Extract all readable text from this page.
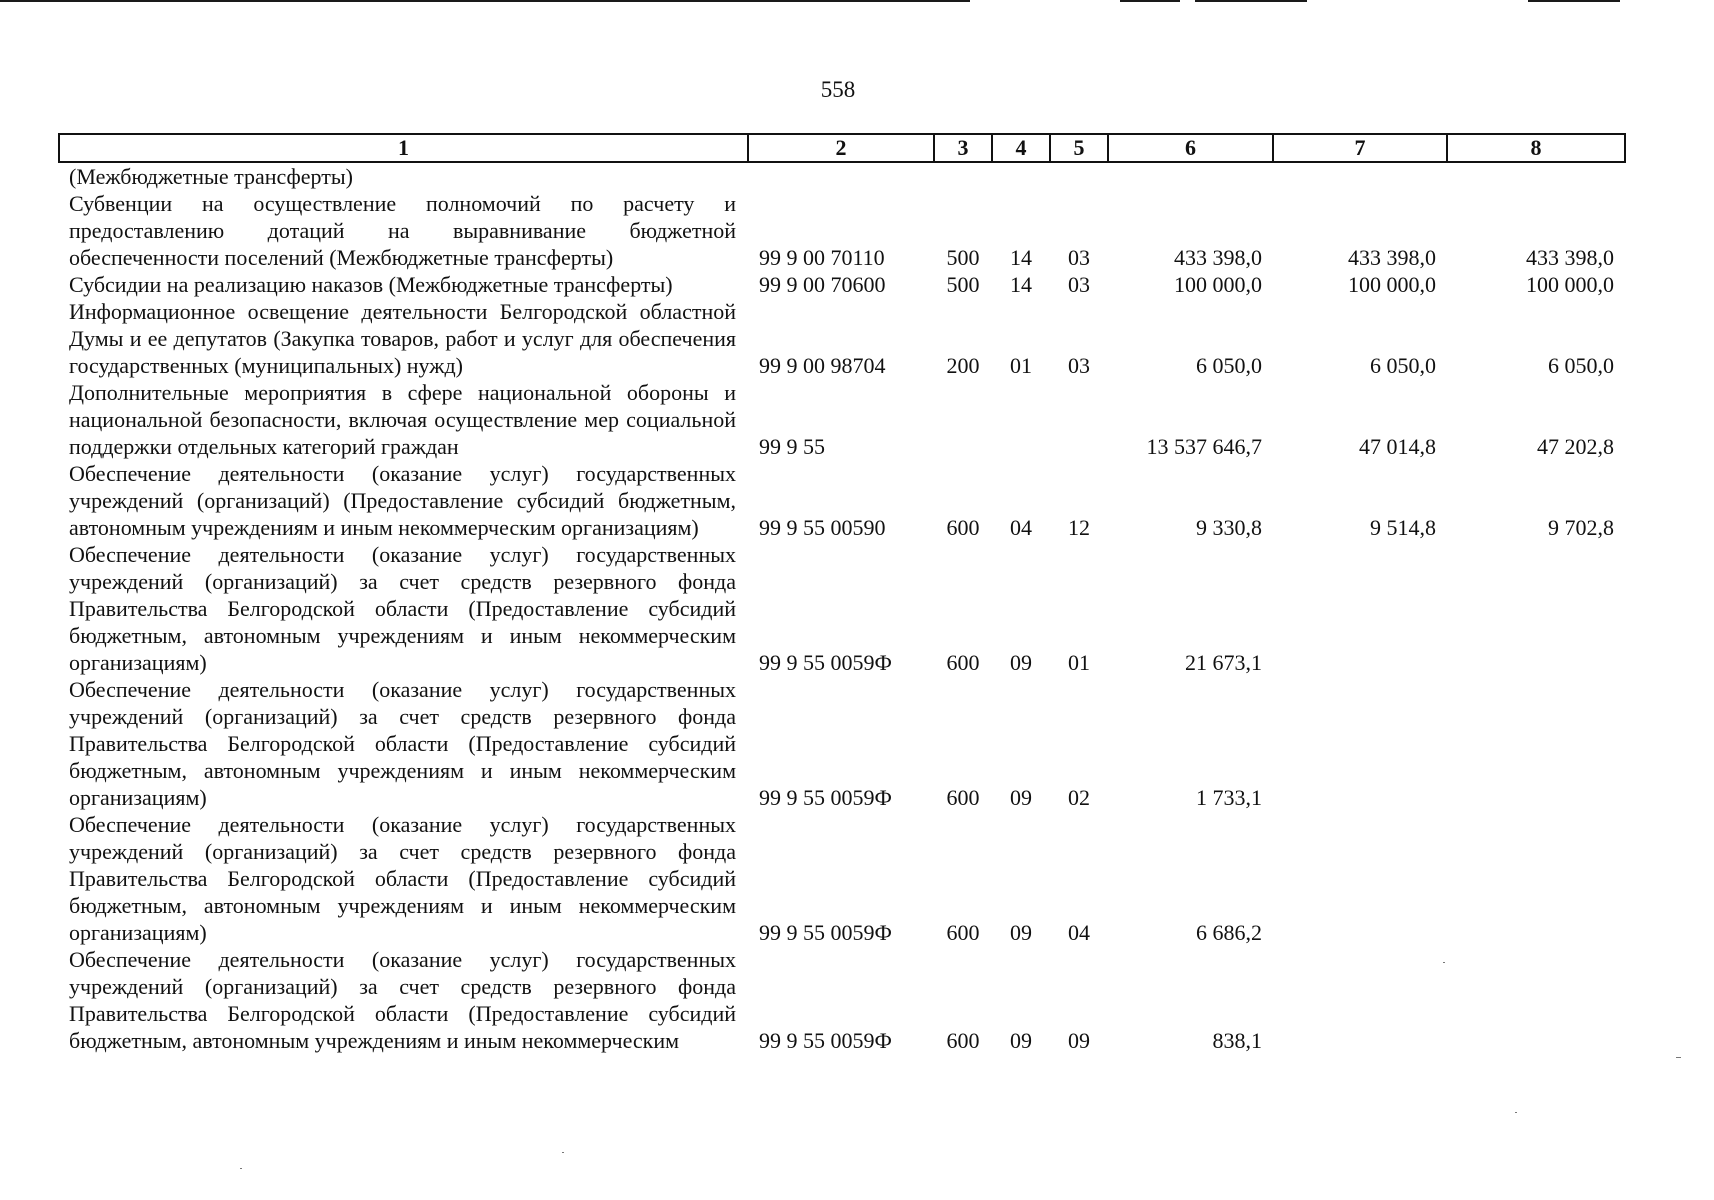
558
1	2	3	4	5	6	7	8
(Межбюджетные трансферты)							
Субвенции на осуществление полномочий по расчету и предоставлению дотаций на выравнивание бюджетной обеспеченности поселений (Межбюджетные трансферты)	99 9 00 70110	500	14	03	433 398,0	433 398,0	433 398,0
Субсидии на реализацию наказов (Межбюджетные трансферты)	99 9 00 70600	500	14	03	100 000,0	100 000,0	100 000,0
Информационное освещение деятельности Белгородской областной Думы и ее депутатов (Закупка товаров, работ и услуг для обеспечения государственных (муниципальных) нужд)	99 9 00 98704	200	01	03	6 050,0	6 050,0	6 050,0
Дополнительные мероприятия в сфере национальной обороны и национальной безопасности, включая осуществление мер социальной поддержки отдельных категорий граждан	99 9 55				13 537 646,7	47 014,8	47 202,8
Обеспечение деятельности (оказание услуг) государственных учреждений (организаций) (Предоставление субсидий бюджетным, автономным учреждениям и иным некоммерческим организациям)	99 9 55 00590	600	04	12	9 330,8	9 514,8	9 702,8
Обеспечение деятельности (оказание услуг) государственных учреждений (организаций) за счет средств резервного фонда Правительства Белгородской области (Предоставление субсидий бюджетным, автономным учреждениям и иным некоммерческим организациям)	99 9 55 0059Ф	600	09	01	21 673,1		
Обеспечение деятельности (оказание услуг) государственных учреждений (организаций) за счет средств резервного фонда Правительства Белгородской области (Предоставление субсидий бюджетным, автономным учреждениям и иным некоммерческим организациям)	99 9 55 0059Ф	600	09	02	1 733,1		
Обеспечение деятельности (оказание услуг) государственных учреждений (организаций) за счет средств резервного фонда Правительства Белгородской области (Предоставление субсидий бюджетным, автономным учреждениям и иным некоммерческим организациям)	99 9 55 0059Ф	600	09	04	6 686,2		
Обеспечение деятельности (оказание услуг) государственных учреждений (организаций) за счет средств резервного фонда Правительства Белгородской области (Предоставление субсидий бюджетным, автономным учреждениям и иным некоммерческим	99 9 55 0059Ф	600	09	09	838,1		
